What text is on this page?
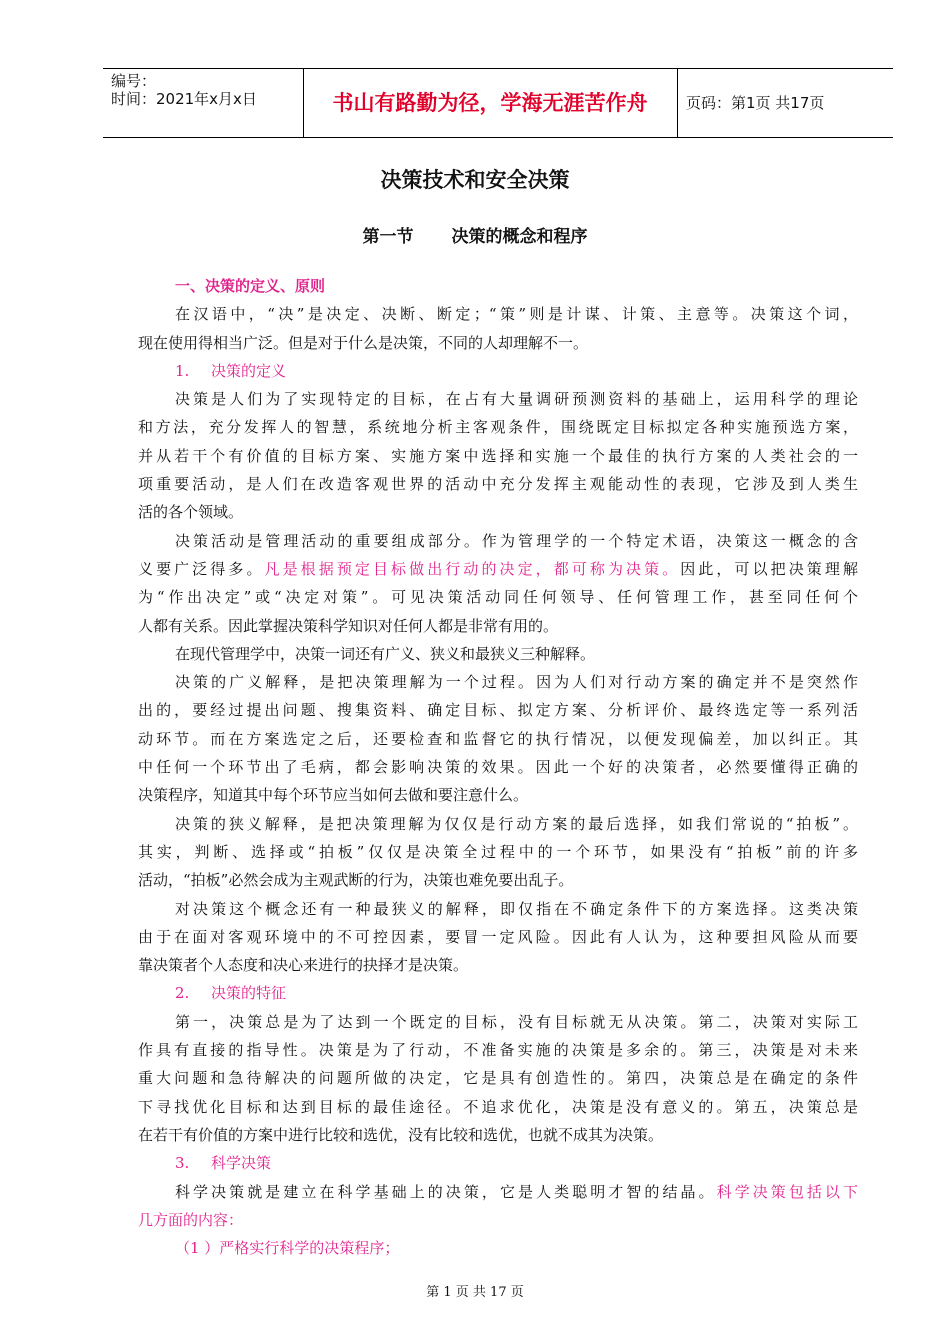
编号：
时间：2021年x月x日	书山有路勤为径，学海无涯苦作舟	页码：第1页 共17页
决策技术和安全决策
第一节 决策的概念和程序
一、决策的定义、原则
在汉语中，“决”是决定、决断、断定；“策”则是计谋、计策、主意等。决策这个词，
现在使用得相当广泛。但是对于什么是决策，不同的人却理解不一。
1. 决策的定义
决策是人们为了实现特定的目标，在占有大量调研预测资料的基础上，运用科学的理论
和方法，充分发挥人的智慧，系统地分析主客观条件，围绕既定目标拟定各种实施预选方案，
并从若干个有价值的目标方案、实施方案中选择和实施一个最佳的执行方案的人类社会的一
项重要活动，是人们在改造客观世界的活动中充分发挥主观能动性的表现，它涉及到人类生
活的各个领域。
决策活动是管理活动的重要组成部分。作为管理学的一个特定术语，决策这一概念的含
义要广泛得多。凡是根据预定目标做出行动的决定，都可称为决策。因此，可以把决策理解
为“作出决定”或“决定对策”。可见决策活动同任何领导、任何管理工作，甚至同任何个
人都有关系。因此掌握决策科学知识对任何人都是非常有用的。
在现代管理学中，决策一词还有广义、狭义和最狭义三种解释。
决策的广义解释，是把决策理解为一个过程。因为人们对行动方案的确定并不是突然作
出的，要经过提出问题、搜集资料、确定目标、拟定方案、分析评价、最终选定等一系列活
动环节。而在方案选定之后，还要检查和监督它的执行情况，以便发现偏差，加以纠正。其
中任何一个环节出了毛病，都会影响决策的效果。因此一个好的决策者，必然要懂得正确的
决策程序，知道其中每个环节应当如何去做和要注意什么。
决策的狭义解释，是把决策理解为仅仅是行动方案的最后选择，如我们常说的“拍板”。
其实，判断、选择或“拍板”仅仅是决策全过程中的一个环节，如果没有“拍板”前的许多
活动，“拍板”必然会成为主观武断的行为，决策也难免要出乱子。
对决策这个概念还有一种最狭义的解释，即仅指在不确定条件下的方案选择。这类决策
由于在面对客观环境中的不可控因素，要冒一定风险。因此有人认为，这种要担风险从而要
靠决策者个人态度和决心来进行的抉择才是决策。
2. 决策的特征
第一，决策总是为了达到一个既定的目标，没有目标就无从决策。第二，决策对实际工
作具有直接的指导性。决策是为了行动，不准备实施的决策是多余的。第三，决策是对未来
重大问题和急待解决的问题所做的决定，它是具有创造性的。第四，决策总是在确定的条件
下寻找优化目标和达到目标的最佳途径。不追求优化，决策是没有意义的。第五，决策总是
在若干有价值的方案中进行比较和选优，没有比较和选优，也就不成其为决策。
3. 科学决策
科学决策就是建立在科学基础上的决策，它是人类聪明才智的结晶。科学决策包括以下
几方面的内容：
（1 ）严格实行科学的决策程序；
第 1 页 共 17 页
